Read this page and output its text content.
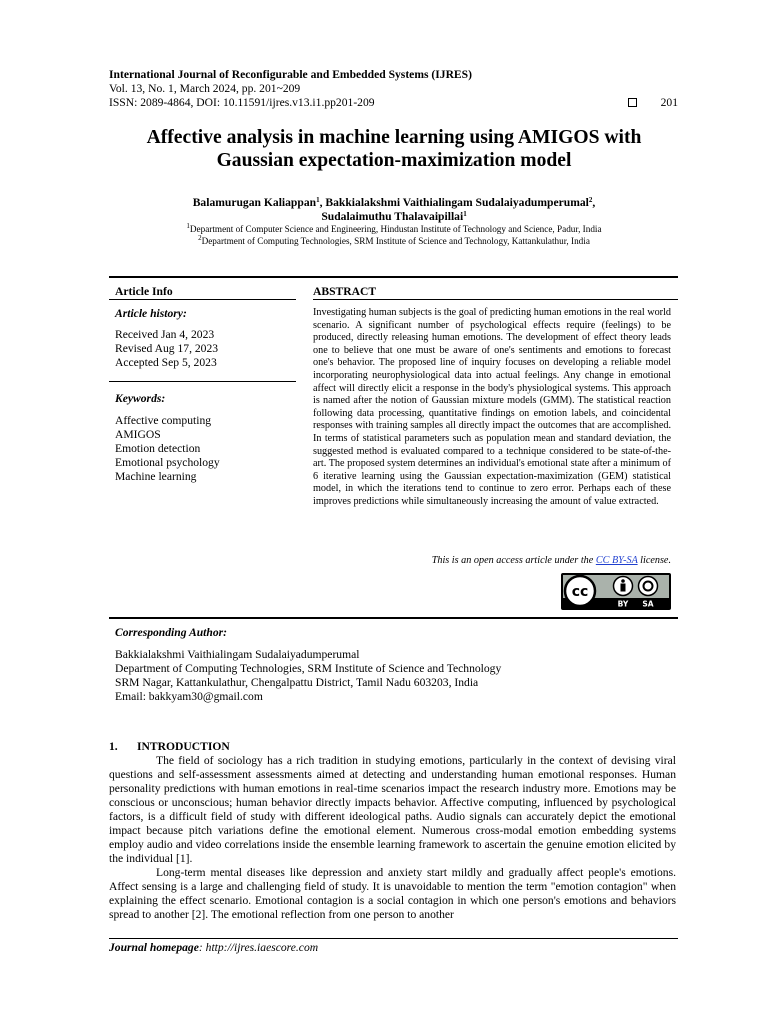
International Journal of Reconfigurable and Embedded Systems (IJRES)
Vol. 13, No. 1, March 2024, pp. 201~209
ISSN: 2089-4864, DOI: 10.11591/ijres.v13.i1.pp201-209	201
Affective analysis in machine learning using AMIGOS with
Gaussian expectation-maximization model
Balamurugan Kaliappan$^1$, Bakkialakshmi Vaithialingam Sudalaiyadumperumal$^2$,
Sudalaimuthu Thalavaipillai$^1$
$^1$Department of Computer Science and Engineering, Hindustan Institute of Technology and Science, Padur, India
$^2$Department of Computing Technologies, SRM Institute of Science and Technology, Kattankulathur, India
Article Info
Article history:
Received Jan 4, 2023
Revised Aug 17, 2023
Accepted Sep 5, 2023
Keywords:
Affective computing
AMIGOS
Emotion detection
Emotional psychology
Machine learning
ABSTRACT
Investigating human subjects is the goal of predicting human emotions in the real world scenario. A significant number of psychological effects require (feelings) to be produced, directly releasing human emotions. The development of effect theory leads one to believe that one must be aware of one's sentiments and emotions to forecast one's behavior. The proposed line of inquiry focuses on developing a reliable model incorporating neurophysiological data into actual feelings. Any change in emotional affect will directly elicit a response in the body's physiological systems. This approach is named after the notion of Gaussian mixture models (GMM). The statistical reaction following data processing, quantitative findings on emotion labels, and coincidental responses with training samples all directly impact the outcomes that are accomplished. In terms of statistical parameters such as population mean and standard deviation, the suggested method is evaluated compared to a technique considered to be state-of-the-art. The proposed system determines an individual's emotional state after a minimum of 6 iterative learning using the Gaussian expectation-maximization (GEM) statistical model, in which the iterations tend to continue to zero error. Perhaps each of these improves predictions while simultaneously increasing the amount of value extracted.
This is an open access article under the CC BY-SA license.
cc
BY SA
Corresponding Author:
Bakkialakshmi Vaithialingam Sudalaiyadumperumal
Department of Computing Technologies, SRM Institute of Science and Technology
SRM Nagar, Kattankulathur, Chengalpattu District, Tamil Nadu 603203, India
Email: bakkyam30@gmail.com
1. INTRODUCTION

The field of sociology has a rich tradition in studying emotions, particularly in the context of devising viral questions and self-assessment assessments aimed at detecting and understanding human emotional responses. Human personality predictions with human emotions in real-time scenarios impact the research industry more. Emotions may be conscious or unconscious; human behavior directly impacts behavior. Affective computing, influenced by psychological factors, is a difficult field of study with different ideological paths. Audio signals can accurately depict the emotional impact because pitch variations define the emotional element. Numerous cross-modal emotion embedding systems employ audio and video correlations inside the ensemble learning framework to ascertain the genuine emotion elicited by the individual [1].

Long-term mental diseases like depression and anxiety start mildly and gradually affect people's emotions. Affect sensing is a large and challenging field of study. It is unavoidable to mention the term "emotion contagion" when explaining the effect scenario. Emotional contagion is a social contagion in which one person's emotions and behaviors spread to another [2]. The emotional reflection from one person to another

Journal homepage: http://ijres.iaescore.com
